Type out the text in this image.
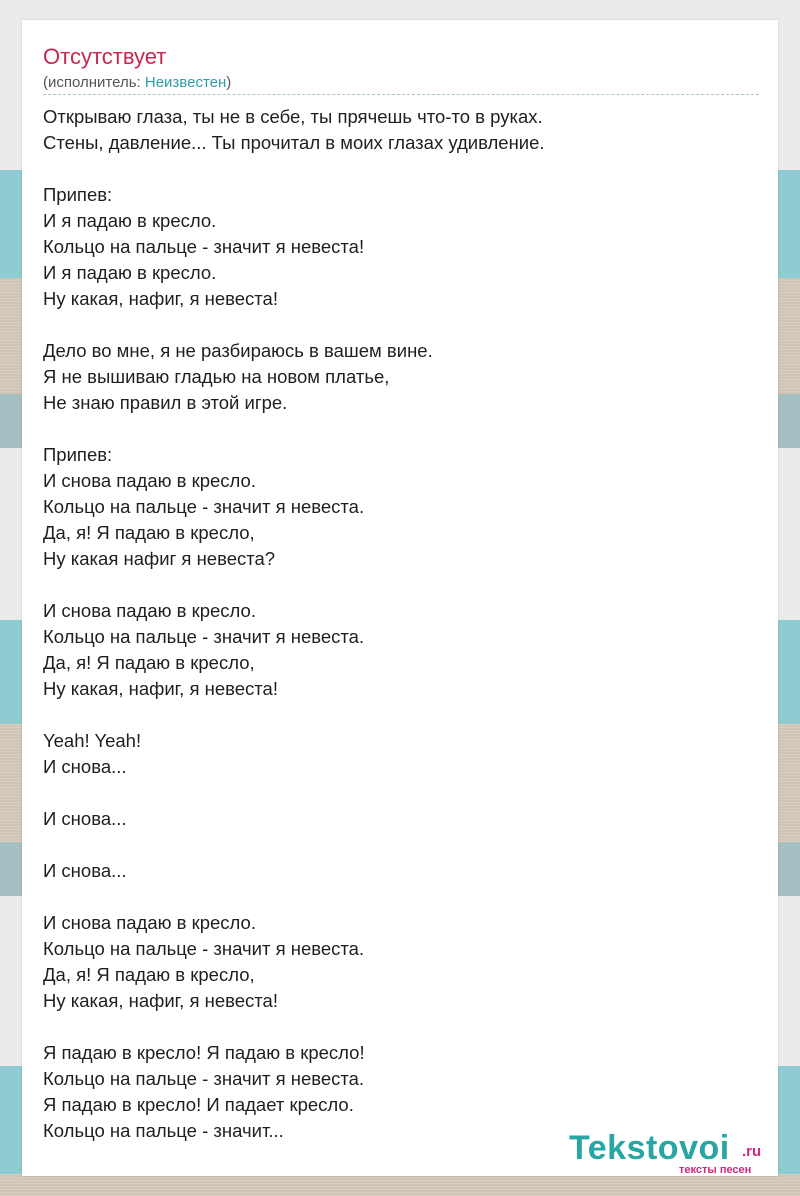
Отсутствует
(исполнитель: Неизвестен)
Открываю глаза, ты не в себе, ты прячешь что-то в руках.
Стены, давление... Ты прочитал в моих глазах удивление.
Припев:
И я падаю в кресло.
Кольцо на пальце - значит я невеста!
И я падаю в кресло.
Ну какая, нафиг, я невеста!
Дело во мне, я не разбираюсь в вашем вине.
Я не вышиваю гладью на новом платье,
Не знаю правил в этой игре.
Припев:
И снова падаю в кресло.
Кольцо на пальце - значит я невеста.
Да, я! Я падаю в кресло,
Ну какая нафиг я невеста?
И снова падаю в кресло.
Кольцо на пальце - значит я невеста.
Да, я! Я падаю в кресло,
Ну какая, нафиг, я невеста!
Yeah! Yeah!
И снова...
И снова...
И снова...
И снова падаю в кресло.
Кольцо на пальце - значит я невеста.
Да, я! Я падаю в кресло,
Ну какая, нафиг, я невеста!
Я падаю в кресло! Я падаю в кресло!
Кольцо на пальце - значит я невеста.
Я падаю в кресло! И падает кресло.
Кольцо на пальце - значит...	Tekstovoi .ru
тексты песен
